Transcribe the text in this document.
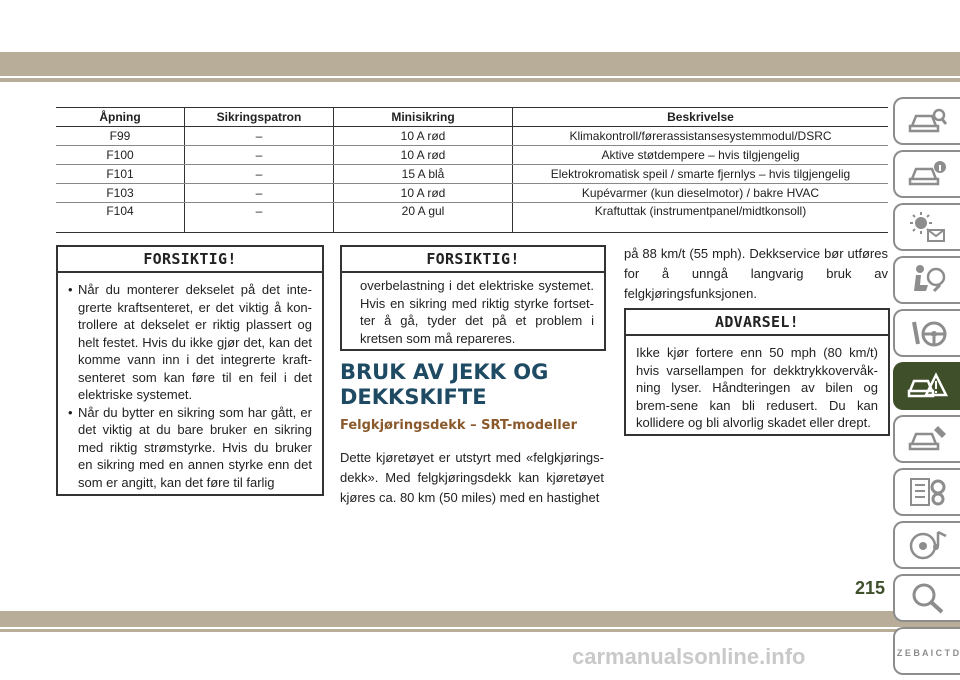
Åpning	Sikringspatron	Minisikring	Beskrivelse
F99	–	10 A rød	Klimakontroll/førerassistansesystemmodul/DSRC
F100	–	10 A rød	Aktive støtdempere – hvis tilgjengelig
F101	–	15 A blå	Elektrokromatisk speil / smarte fjernlys – hvis tilgjengelig
F103	–	10 A rød	Kupévarmer (kun dieselmotor) / bakre HVAC
F104	–	20 A gul	Kraftuttak (instrumentpanel/midtkonsoll)
FORSIKTIG!
• Når du monterer dekselet på det inte-grerte kraftsenteret, er det viktig å kon-trollere at dekselet er riktig plassert og helt festet. Hvis du ikke gjør det, kan det komme vann inn i det integrerte kraft-senteret som kan føre til en feil i det elektriske systemet.
• Når du bytter en sikring som har gått, er det viktig at du bare bruker en sikring med riktig strømstyrke. Hvis du bruker en sikring med en annen styrke enn det som er angitt, kan det føre til farlig
FORSIKTIG!
overbelastning i det elektriske systemet. Hvis en sikring med riktig styrke fortset-ter å gå, tyder det på et problem i kretsen som må repareres.
BRUK AV JEKK OG DEKKSKIFTE
Felgkjøringsdekk – SRT-modeller

Dette kjøretøyet er utstyrt med «felgkjørings-dekk». Med felgkjøringsdekk kan kjøretøyet kjøres ca. 80 km (50 miles) med en hastighet

på 88 km/t (55 mph). Dekkservice bør utføres for å unngå langvarig bruk av felgkjøringsfunksjonen.

ADVARSEL!
Ikke kjør fortere enn 50 mph (80 km/t) hvis varsellampen for dekktrykkovervåk-ning lyser. Håndteringen av bilen og brem-sene kan bli redusert. Du kan kollidere og bli alvorlig skadet eller drept.
Z E B A I C T D
215
carmanualsonline.info
